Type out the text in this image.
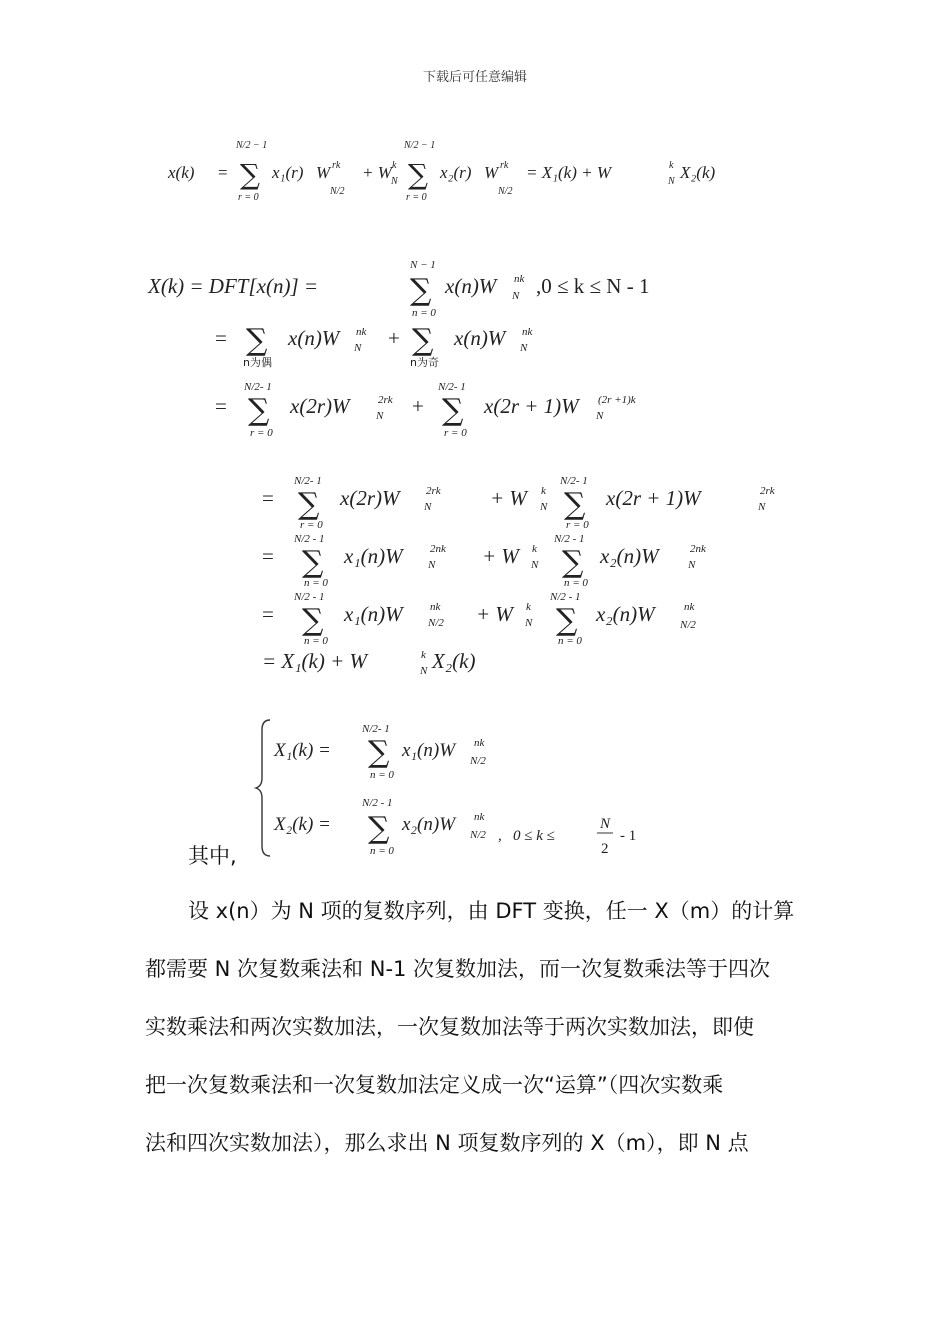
下载后可任意编辑
x(k) =
N/2 − 1
∑
r = 0
x₁(r) W rk
N/2
+ W k
N
N/2 − 1
∑
r = 0
x₂(r) W rk
N/2
= X₁(k) + W	k
N X₂(k)
X(k) = DFT[x(n)] =
N − 1
∑
n = 0
x(n)W nk
N ,0 ≤ k ≤ N - 1
= ∑
n为偶
x(n)W nk
N + ∑
n为奇
x(n)W nk
N
=
N/2- 1
∑
r = 0
x(2r)W	2rk
N +
N/2- 1
∑
r = 0
x(2r + 1)W (2r +1)k
N
=
N/2- 1
∑
r = 0
x(2r)W 2rk
N	+ W k
N
N/2- 1
∑
r = 0
x(2r + 1)W	2rk
N
=
N/2 - 1
∑
n = 0
x₁(n)W 2nk
N + W k
N
N/2 - 1
∑
n = 0
x₂(n)W	2nk
N
=
N/2 - 1
∑
n = 0
x₁(n)W nk
N/2 + W k
N
N/2 - 1
∑
n = 0
x₂(n)W	nk
N/2
= X₁(k) + W	k
N X₂(k)
X₁(k) =
N/2- 1
∑
n = 0
x₁(n)W nk
N/2
X₂(k) =
N/2 - 1
∑
n = 0
x₂(n)W nk
N/2 ,   0 ≤ k ≤
N
2
- 1
其中,
设 x(n）为 N 项的复数序列，由 DFT 变换，任一 X（m）的计算
都需要 N 次复数乘法和 N-1 次复数加法，而一次复数乘法等于四次
实数乘法和两次实数加法，一次复数加法等于两次实数加法，即使
把一次复数乘法和一次复数加法定义成一次“运算”（四次实数乘
法和四次实数加法），那么求出 N 项复数序列的 X（m），即 N 点
